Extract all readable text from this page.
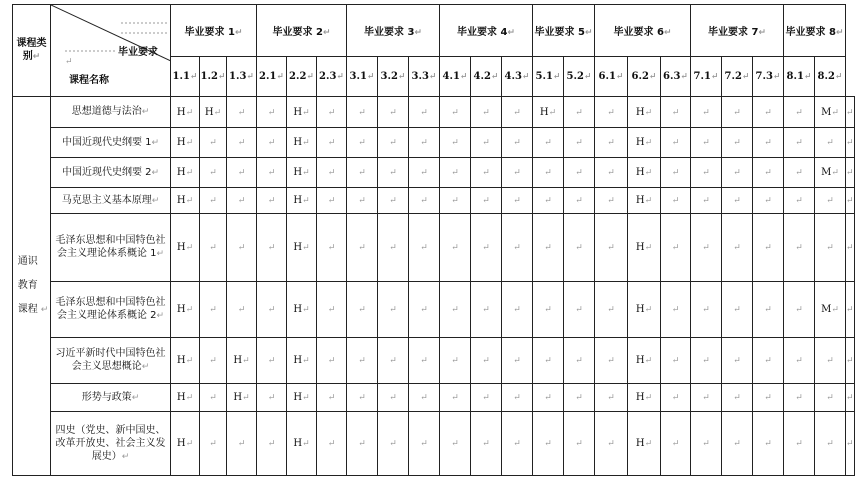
课程类别↵	毕业要求
↵
课程名称	毕业要求 1↵			毕业要求 2↵			毕业要求 3↵			毕业要求 4↵			毕业要求 5↵		毕业要求 6↵			毕业要求 7↵			毕业要求 8↵		
		1.1↵	1.2↵	1.3↵	2.1↵	2.2↵	2.3↵	3.1↵	3.2↵	3.3↵	4.1↵	4.2↵	4.3↵	5.1↵	5.2↵	6.1↵	6.2↵	6.3↵	7.1↵	7.2↵	7.3↵	8.1↵	8.2↵	
通识教育课程 ↵	思想道德与法治↵	H↵	H↵	↵	↵	H↵	↵	↵	↵	↵	↵	↵	↵	H↵	↵	↵	H↵	↵	↵	↵	↵	↵	M↵	↵
	中国近现代史纲要 1↵	H↵	↵	↵	↵	H↵	↵	↵	↵	↵	↵	↵	↵	↵	↵	↵	H↵	↵	↵	↵	↵	↵	↵	↵
	中国近现代史纲要 2↵	H↵	↵	↵	↵	H↵	↵	↵	↵	↵	↵	↵	↵	↵	↵	↵	H↵	↵	↵	↵	↵	↵	M↵	↵
	马克思主义基本原理↵	H↵	↵	↵	↵	H↵	↵	↵	↵	↵	↵	↵	↵	↵	↵	↵	H↵	↵	↵	↵	↵	↵	↵	↵
	毛泽东思想和中国特色社会主义理论体系概论 1↵	H↵	↵	↵	↵	H↵	↵	↵	↵	↵	↵	↵	↵	↵	↵	↵	H↵	↵	↵	↵	↵	↵	↵	↵
	毛泽东思想和中国特色社会主义理论体系概论 2↵	H↵	↵	↵	↵	H↵	↵	↵	↵	↵	↵	↵	↵	↵	↵	↵	H↵	↵	↵	↵	↵	↵	M↵	↵
	习近平新时代中国特色社会主义思想概论↵	H↵	↵	H↵	↵	H↵	↵	↵	↵	↵	↵	↵	↵	↵	↵	↵	H↵	↵	↵	↵	↵	↵	↵	↵
	形势与政策↵	H↵	↵	H↵	↵	H↵	↵	↵	↵	↵	↵	↵	↵	↵	↵	↵	H↵	↵	↵	↵	↵	↵	↵	↵
	四史（党史、新中国史、改革开放史、社会主义发展史）↵	H↵	↵	↵	↵	H↵	↵	↵	↵	↵	↵	↵	↵	↵	↵	↵	H↵	↵	↵	↵	↵	↵	↵	↵
